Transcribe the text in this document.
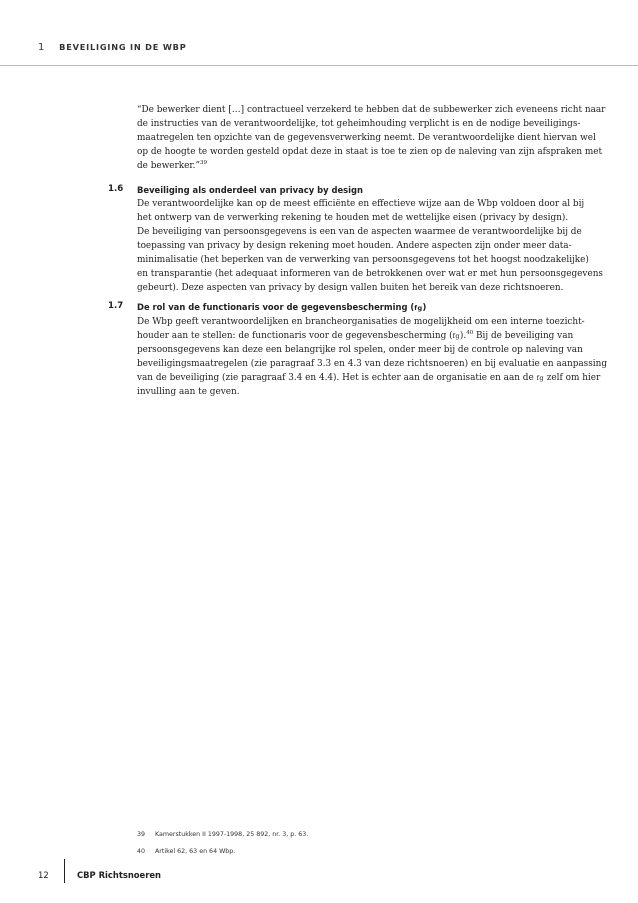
1 BEVEILIGING IN DE WBP
“De bewerker dient […] contractueel verzekerd te hebben dat de subbewerker zich eveneens richt naar
de instructies van de verantwoordelijke, tot geheimhouding verplicht is en de nodige beveiligings-
maatregelen ten opzichte van de gegevensverwerking neemt. De verantwoordelijke dient hiervan wel
op de hoogte te worden gesteld opdat deze in staat is toe te zien op de naleving van zijn afspraken met
de bewerker.”$^{39}$
1.6 Beveiliging als onderdeel van privacy by design
De verantwoordelijke kan op de meest efficiënte en effectieve wijze aan de Wbp voldoen door al bij
het ontwerp van de verwerking rekening te houden met de wettelijke eisen (privacy by design).
De beveiliging van persoonsgegevens is een van de aspecten waarmee de verantwoordelijke bij de
toepassing van privacy by design rekening moet houden. Andere aspecten zijn onder meer data-
minimalisatie (het beperken van de verwerking van persoonsgegevens tot het hoogst noodzakelijke)
en transparantie (het adequaat informeren van de betrokkenen over wat er met hun persoonsgegevens
gebeurt). Deze aspecten van privacy by design vallen buiten het bereik van deze richtsnoeren.
1.7 De rol van de functionaris voor de gegevensbescherming (fg)
De Wbp geeft verantwoordelijken en brancheorganisaties de mogelijkheid om een interne toezicht-
houder aan te stellen: de functionaris voor de gegevensbescherming (fg).$^{40}$ Bij de beveiliging van
persoonsgegevens kan deze een belangrijke rol spelen, onder meer bij de controle op naleving van
beveiligingsmaatregelen (zie paragraaf 3.3 en 4.3 van deze richtsnoeren) en bij evaluatie en aanpassing
van de beveiliging (zie paragraaf 3.4 en 4.4). Het is echter aan de organisatie en aan de fg zelf om hier
invulling aan te geven.
39 Kamerstukken II 1997-1998, 25 892, nr. 3, p. 63.
40 Artikel 62, 63 en 64 Wbp.
12	CBP Richtsnoeren
